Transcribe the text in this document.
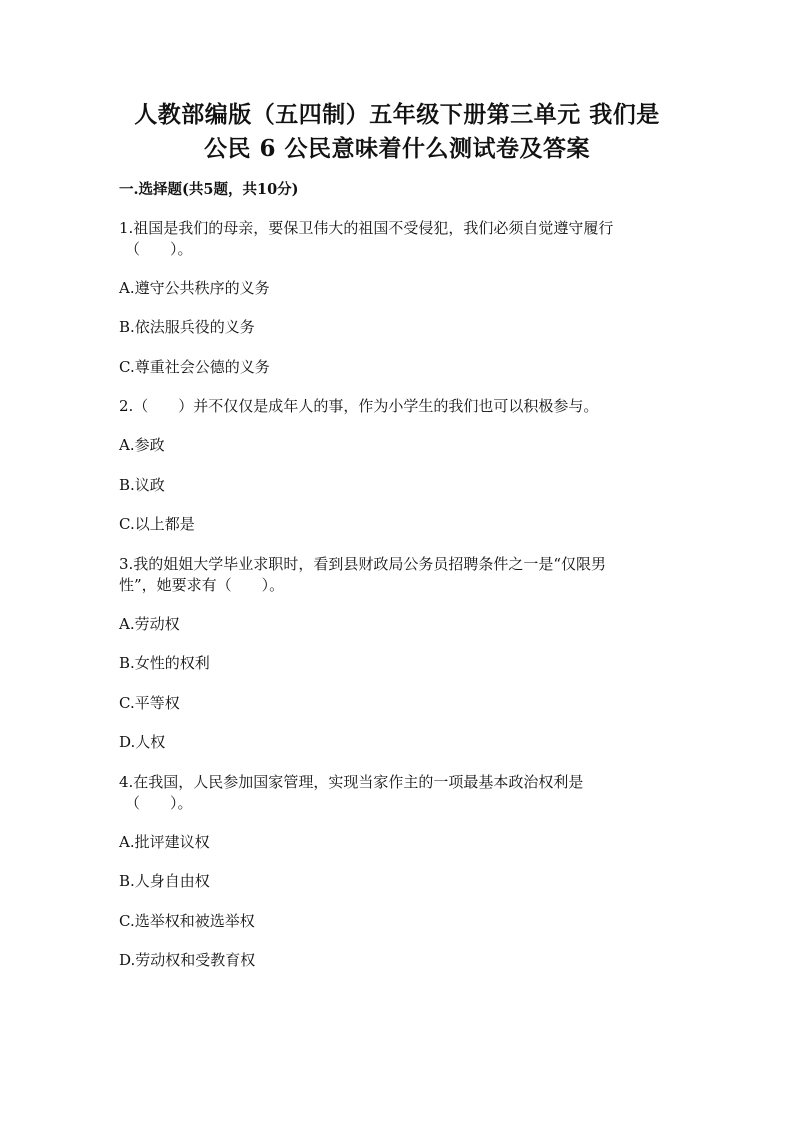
人教部编版（五四制）五年级下册第三单元 我们是
公民 6 公民意味着什么测试卷及答案
一.选择题(共5题，共10分)
1.祖国是我们的母亲，要保卫伟大的祖国不受侵犯，我们必须自觉遵守履行
（　　）。
A.遵守公共秩序的义务
B.依法服兵役的义务
C.尊重社会公德的义务
2.（　　）并不仅仅是成年人的事，作为小学生的我们也可以积极参与。
A.参政
B.议政
C.以上都是
3.我的姐姐大学毕业求职时，看到县财政局公务员招聘条件之一是“仅限男
性”，她要求有（　　）。
A.劳动权
B.女性的权利
C.平等权
D.人权
4.在我国，人民参加国家管理，实现当家作主的一项最基本政治权利是
（　　）。
A.批评建议权
B.人身自由权
C.选举权和被选举权
D.劳动权和受教育权
